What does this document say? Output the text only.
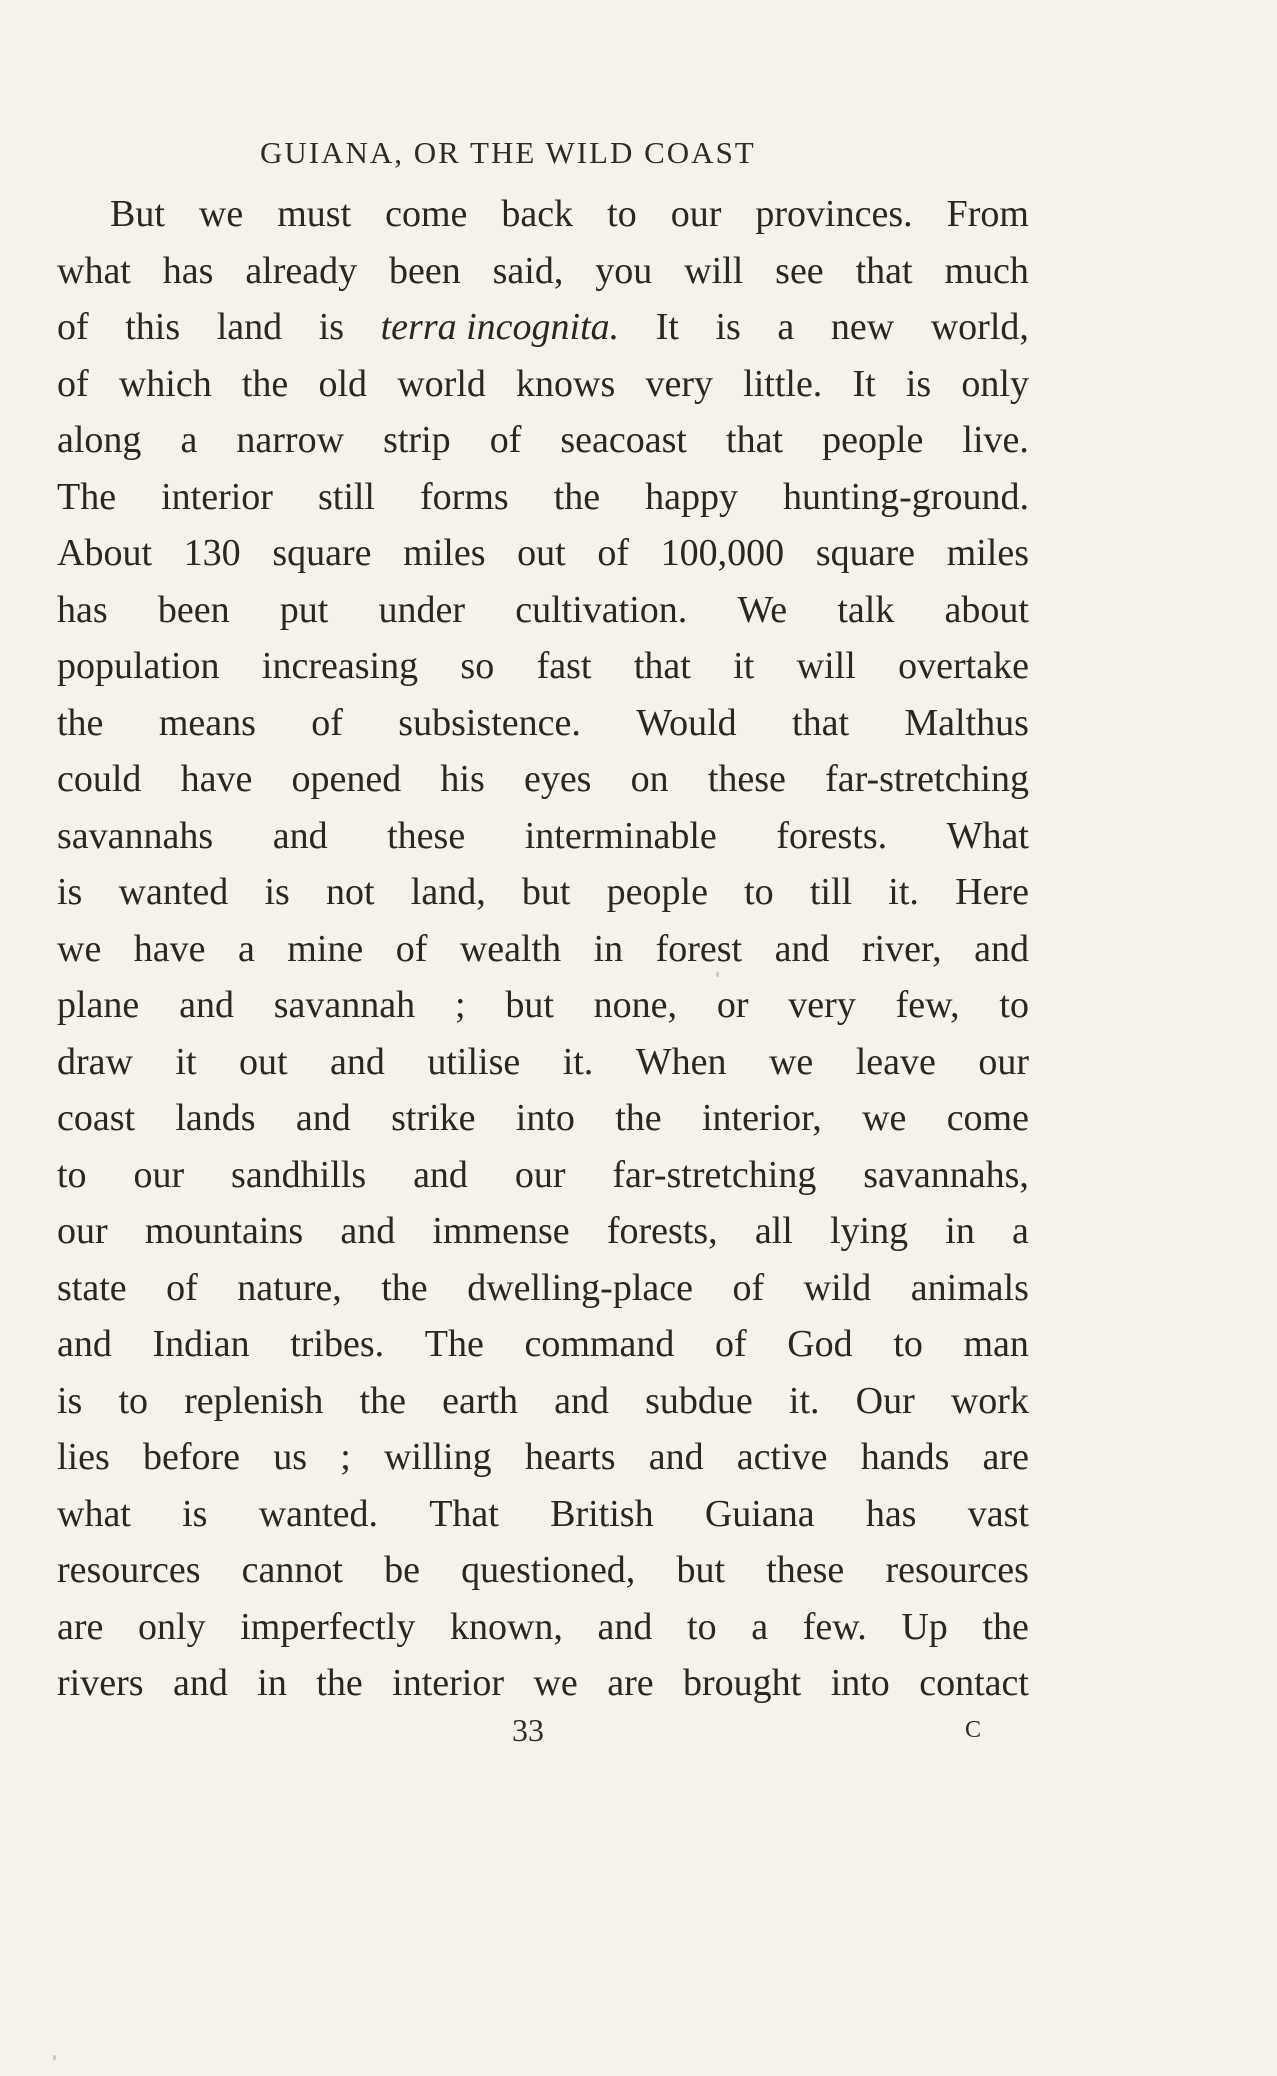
GUIANA, OR THE WILD COAST
But we must come back to our provinces. From
what has already been said, you will see that much
of this land is terra incognita. It is a new world,
of which the old world knows very little. It is only
along a narrow strip of seacoast that people live.
The interior still forms the happy hunting-ground.
About 130 square miles out of 100,000 square miles
has been put under cultivation. We talk about
population increasing so fast that it will overtake
the means of subsistence. Would that Malthus
could have opened his eyes on these far-stretching
savannahs and these interminable forests. What
is wanted is not land, but people to till it. Here
we have a mine of wealth in forest and river, and
plane and savannah ; but none, or very few, to
draw it out and utilise it. When we leave our
coast lands and strike into the interior, we come
to our sandhills and our far-stretching savannahs,
our mountains and immense forests, all lying in a
state of nature, the dwelling-place of wild animals
and Indian tribes. The command of God to man
is to replenish the earth and subdue it. Our work
lies before us ; willing hearts and active hands are
what is wanted. That British Guiana has vast
resources cannot be questioned, but these resources
are only imperfectly known, and to a few. Up the
rivers and in the interior we are brought into contact
33	C
